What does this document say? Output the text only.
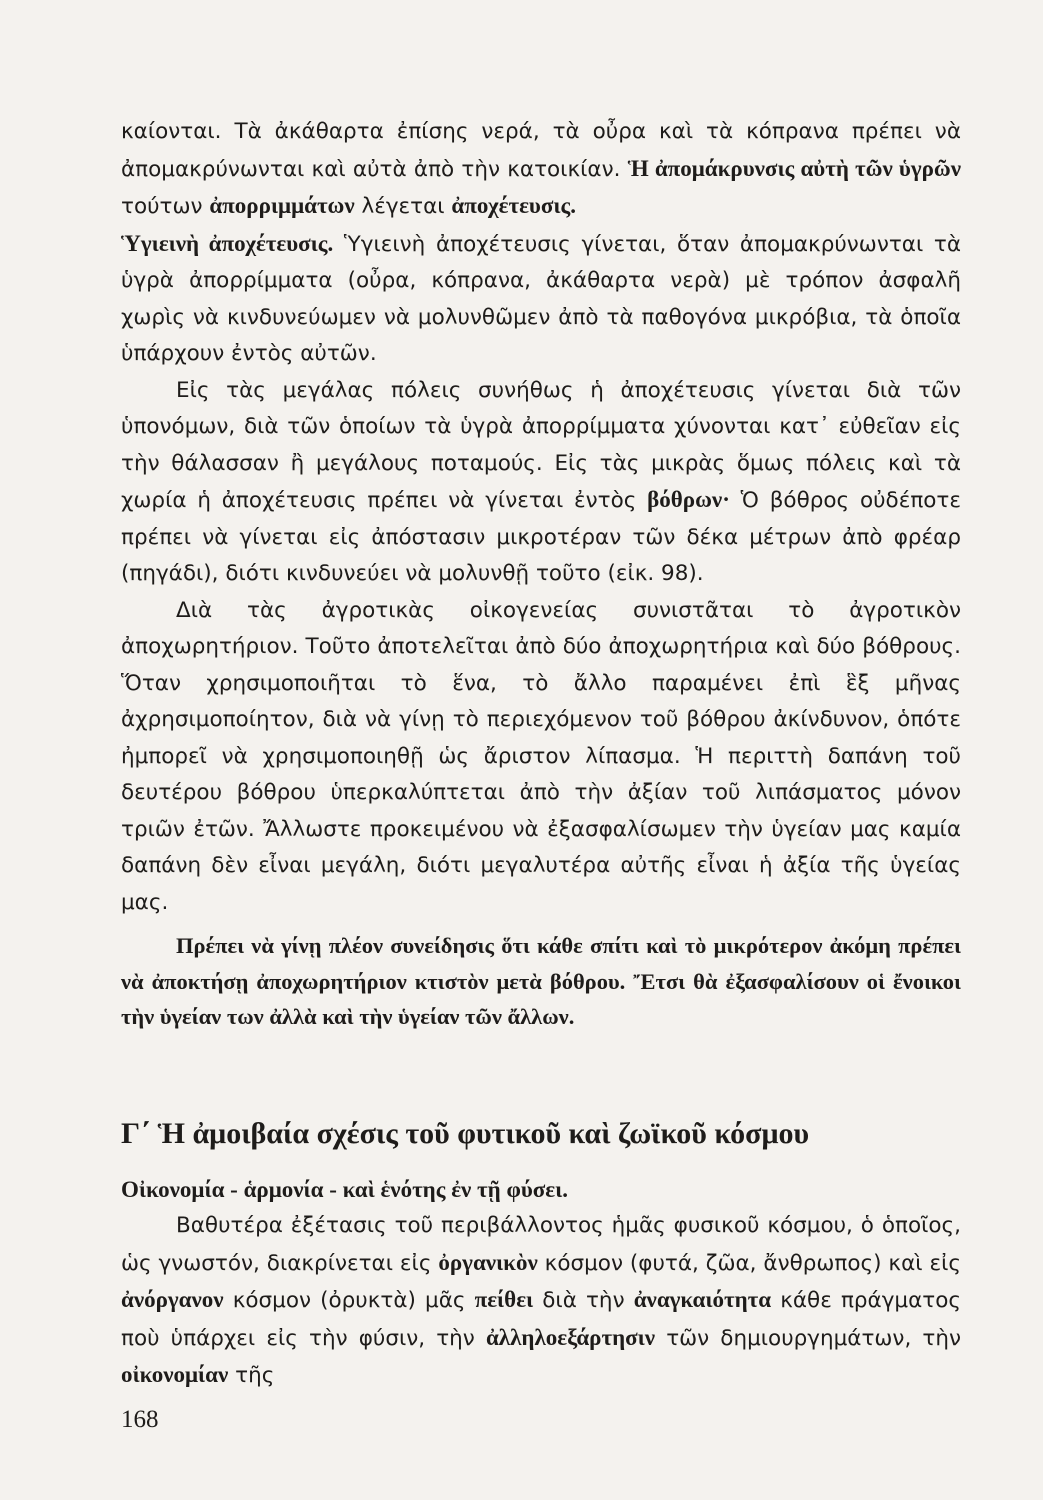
καίονται. Τὰ ἀκάθαρτα ἐπίσης νερά, τὰ οὖρα καὶ τὰ κόπρανα πρέπει νὰ ἀπομακρύνωνται καὶ αὐτὰ ἀπὸ τὴν κατοικίαν. Ἡ ἀπομάκρυνσις αὐτὴ τῶν ὑγρῶν τούτων ἀπορριμμάτων λέγεται ἀποχέτευσις.

Ὑγιεινὴ ἀποχέτευσις. Ὑγιεινὴ ἀποχέτευσις γίνεται, ὅταν ἀπομακρύνωνται τὰ ὑγρὰ ἀπορρίμματα (οὖρα, κόπρανα, ἀκάθαρτα νερὰ) μὲ τρόπον ἀσφαλῆ χωρὶς νὰ κινδυνεύωμεν νὰ μολυνθῶμεν ἀπὸ τὰ παθογόνα μικρόβια, τὰ ὁποῖα ὑπάρχουν ἐντὸς αὐτῶν.

Εἰς τὰς μεγάλας πόλεις συνήθως ἡ ἀποχέτευσις γίνεται διὰ τῶν ὑπονόμων, διὰ τῶν ὁποίων τὰ ὑγρὰ ἀπορρίμματα χύνονται κατ᾽ εὐθεῖαν εἰς τὴν θάλασσαν ἢ μεγάλους ποταμούς. Εἰς τὰς μικρὰς ὅμως πόλεις καὶ τὰ χωρία ἡ ἀποχέτευσις πρέπει νὰ γίνεται ἐντὸς βόθρων· Ὁ βόθρος οὐδέποτε πρέπει νὰ γίνεται εἰς ἀπόστασιν μικροτέραν τῶν δέκα μέτρων ἀπὸ φρέαρ (πηγάδι), διότι κινδυνεύει νὰ μολυνθῇ τοῦτο (εἰκ. 98).

Διὰ τὰς ἀγροτικὰς οἰκογενείας συνιστᾶται τὸ ἀγροτικὸν ἀποχωρητήριον. Τοῦτο ἀποτελεῖται ἀπὸ δύο ἀποχωρητήρια καὶ δύο βόθρους. Ὅταν χρησιμοποιῆται τὸ ἕνα, τὸ ἄλλο παραμένει ἐπὶ ἓξ μῆνας ἀχρησιμοποίητον, διὰ νὰ γίνῃ τὸ περιεχόμενον τοῦ βόθρου ἀκίνδυνον, ὁπότε ἠμπορεῖ νὰ χρησιμοποιηθῇ ὡς ἄριστον λίπασμα. Ἡ περιττὴ δαπάνη τοῦ δευτέρου βόθρου ὑπερκαλύπτεται ἀπὸ τὴν ἀξίαν τοῦ λιπάσματος μόνον τριῶν ἐτῶν. Ἄλλωστε προκειμένου νὰ ἐξασφαλίσωμεν τὴν ὑγείαν μας καμία δαπάνη δὲν εἶναι μεγάλη, διότι μεγαλυτέρα αὐτῆς εἶναι ἡ ἀξία τῆς ὑγείας μας.

Πρέπει νὰ γίνῃ πλέον συνείδησις ὅτι κάθε σπίτι καὶ τὸ μικρότερον ἀκόμη πρέπει νὰ ἀποκτήσῃ ἀποχωρητήριον κτιστὸν μετὰ βόθρου. Ἔτσι θὰ ἐξασφαλίσουν οἱ ἔνοικοι τὴν ὑγείαν των ἀλλὰ καὶ τὴν ὑγείαν τῶν ἄλλων.

Γ΄ Ἡ ἀμοιβαία σχέσις τοῦ φυτικοῦ καὶ ζωϊκοῦ κόσμου
Οἰκονομία - ἁρμονία - καὶ ἑνότης ἐν τῇ φύσει.

Βαθυτέρα ἐξέτασις τοῦ περιβάλλοντος ἡμᾶς φυσικοῦ κόσμου, ὁ ὁποῖος, ὡς γνωστόν, διακρίνεται εἰς ὀργανικὸν κόσμον (φυτά, ζῶα, ἄνθρωπος) καὶ εἰς ἀνόργανον κόσμον (ὀρυκτὰ) μᾶς πείθει διὰ τὴν ἀναγκαιότητα κάθε πράγματος ποὺ ὑπάρχει εἰς τὴν φύσιν, τὴν ἀλληλοεξάρτησιν τῶν δημιουργημάτων, τὴν οἰκονομίαν τῆς

168
